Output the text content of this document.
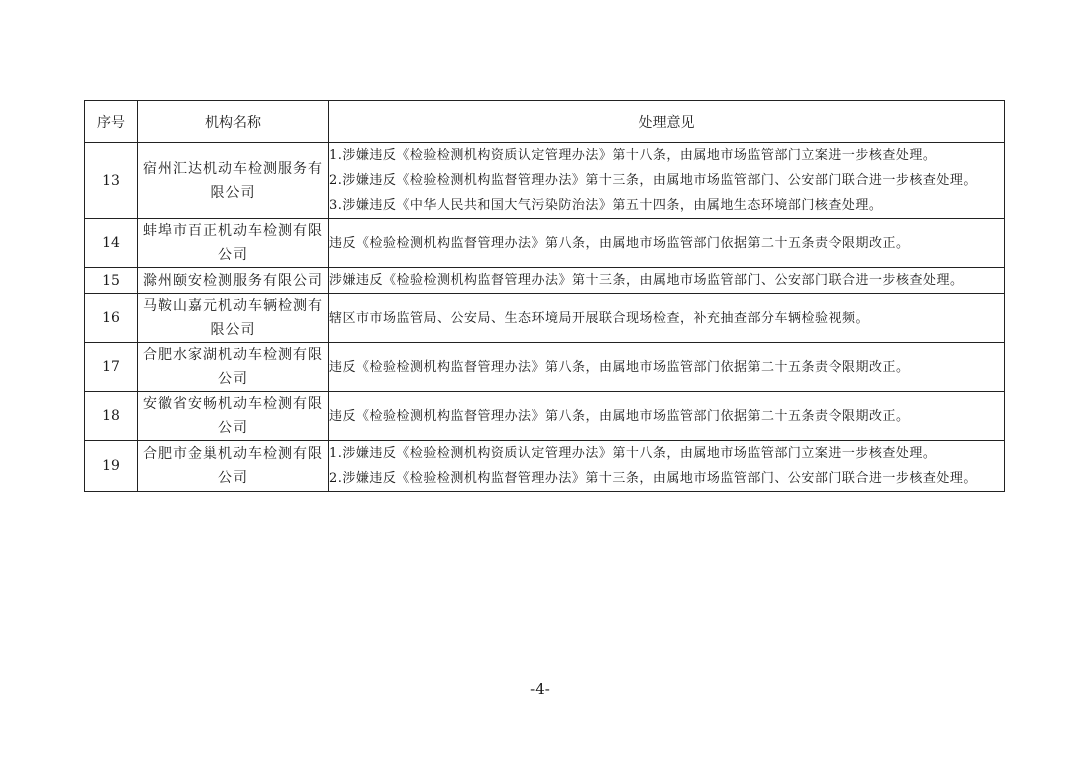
序号	机构名称	处理意见
13	宿州汇达机动车检测服务有限公司	1.涉嫌违反《检验检测机构资质认定管理办法》第十八条，由属地市场监管部门立案进一步核查处理。

2.涉嫌违反《检验检测机构监督管理办法》第十三条，由属地市场监管部门、公安部门联合进一步核查处理。

3.涉嫌违反《中华人民共和国大气污染防治法》第五十四条，由属地生态环境部门核查处理。

14	蚌埠市百正机动车检测有限公司	违反《检验检测机构监督管理办法》第八条，由属地市场监管部门依据第二十五条责令限期改正。

15	滁州颐安检测服务有限公司	涉嫌违反《检验检测机构监督管理办法》第十三条，由属地市场监管部门、公安部门联合进一步核查处理。

16	马鞍山嘉元机动车辆检测有限公司	辖区市市场监管局、公安局、生态环境局开展联合现场检查，补充抽查部分车辆检验视频。

17	合肥水家湖机动车检测有限公司	违反《检验检测机构监督管理办法》第八条，由属地市场监管部门依据第二十五条责令限期改正。

18	安徽省安畅机动车检测有限公司	违反《检验检测机构监督管理办法》第八条，由属地市场监管部门依据第二十五条责令限期改正。

19	合肥市金巢机动车检测有限公司	1.涉嫌违反《检验检测机构资质认定管理办法》第十八条，由属地市场监管部门立案进一步核查处理。

2.涉嫌违反《检验检测机构监督管理办法》第十三条，由属地市场监管部门、公安部门联合进一步核查处理。

-4-
